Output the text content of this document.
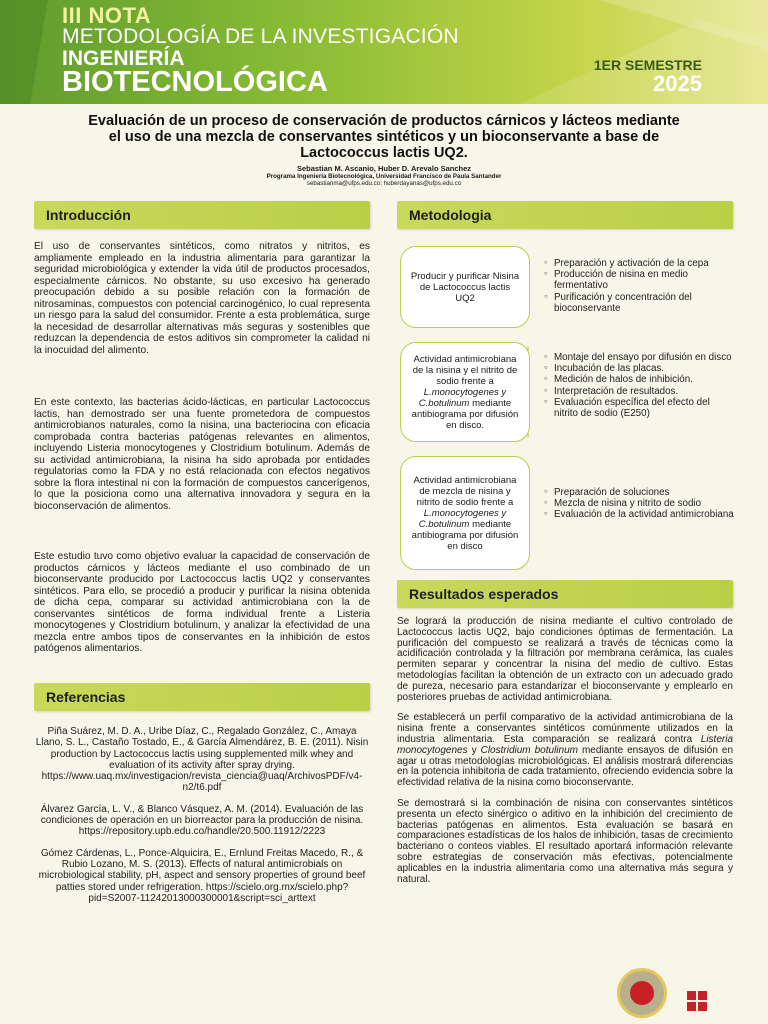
III NOTA
METODOLOGÍA DE LA INVESTIGACIÓN
INGENIERÍA
BIOTECNOLÓGICA
1ER SEMESTRE
2025
Evaluación de un proceso de conservación de productos cárnicos y lácteos mediante
el uso de una mezcla de conservantes sintéticos y un bioconservante a base de
Lactococcus lactis UQ2.
Sebastian M. Ascanio, Huber D. Arevalo Sanchez
Programa Ingeniería Biotecnológica, Universidad Francisco de Paula Santander
sebastianma@ufps.edu.co; huberdayanas@ufps.edu.co
Introducción
El uso de conservantes sintéticos, como nitratos y nitritos, es ampliamente empleado en la industria alimentaria para garantizar la seguridad microbiológica y extender la vida útil de productos procesados, especialmente cárnicos. No obstante, su uso excesivo ha generado preocupación debido a su posible relación con la formación de nitrosaminas, compuestos con potencial carcinogénico, lo cual representa un riesgo para la salud del consumidor. Frente a esta problemática, surge la necesidad de desarrollar alternativas más seguras y sostenibles que reduzcan la dependencia de estos aditivos sin comprometer la calidad ni la inocuidad del alimento.
En este contexto, las bacterias ácido-lácticas, en particular Lactococcus lactis, han demostrado ser una fuente prometedora de compuestos antimicrobianos naturales, como la nisina, una bacteriocina con eficacia comprobada contra bacterias patógenas relevantes en alimentos, incluyendo Listeria monocytogenes y Clostridium botulinum. Además de su actividad antimicrobiana, la nisina ha sido aprobada por entidades regulatorias como la FDA y no está relacionada con efectos negativos sobre la flora intestinal ni con la formación de compuestos cancerígenos, lo que la posiciona como una alternativa innovadora y segura en la bioconservación de alimentos.
Este estudio tuvo como objetivo evaluar la capacidad de conservación de productos cárnicos y lácteos mediante el uso combinado de un bioconservante producido por Lactococcus lactis UQ2 y conservantes sintéticos. Para ello, se procedió a producir y purificar la nisina obtenida de dicha cepa, comparar su actividad antimicrobiana con la de conservantes sintéticos de forma individual frente a Listeria monocytogenes y Clostridium botulinum, y analizar la efectividad de una mezcla entre ambos tipos de conservantes en la inhibición de estos patógenos alimentarios.
Referencias

Piña Suárez, M. D. A., Uribe Díaz, C., Regalado González, C., Amaya Llano, S. L., Castaño Tostado, E., & García Almendárez, B. E. (2011). Nisin production by Lactococcus lactis using supplemented milk whey and evaluation of its activity after spray drying. https://www.uaq.mx/investigacion/revista_ciencia@uaq/ArchivosPDF/v4-n2/t6.pdf

Álvarez García, L. V., & Blanco Vásquez, A. M. (2014). Evaluación de las condiciones de operación en un biorreactor para la producción de nisina. https://repository.upb.edu.co/handle/20.500.11912/2223

Gómez Cárdenas, L., Ponce-Alquicira, E., Ernlund Freitas Macedo, R., & Rubio Lozano, M. S. (2013). Effects of natural antimicrobials on microbiological stability, pH, aspect and sensory properties of ground beef patties stored under refrigeration. https://scielo.org.mx/scielo.php?pid=S2007-11242013000300001&script=sci_arttext

Metodologia
Producir y purificar Nisina de Lactococcus lactis UQ2
○ Preparación y activación de la cepa
○ Producción de nisina en medio fermentativo
○ Purificación y concentración del bioconservante
Actividad antimicrobiana de la nisina y el nitrito de sodio frente a L.monocytogenes y C.botulinum mediante antibiograma por difusión en disco.
○ Montaje del ensayo por difusión en disco
○ Incubación de las placas.
○ Medición de halos de inhibición.
○ Interpretación de resultados.
○ Evaluación específica del efecto del nitrito de sodio (E250)
Actividad antimicrobiana de mezcla de nisina y nitrito de sodio frente a L.monocytogenes y C.botulinum mediante antibiograma por difusión en disco
○ Preparación de soluciones
○ Mezcla de nisina y nitrito de sodio
○ Evaluación de la actividad antimicrobiana
Resultados esperados

Se logrará la producción de nisina mediante el cultivo controlado de Lactococcus lactis UQ2, bajo condiciones óptimas de fermentación. La purificación del compuesto se realizará a través de técnicas como la acidificación controlada y la filtración por membrana cerámica, las cuales permiten separar y concentrar la nisina del medio de cultivo. Estas metodologías facilitan la obtención de un extracto con un adecuado grado de pureza, necesario para estandarizar el bioconservante y emplearlo en posteriores pruebas de actividad antimicrobiana.

Se establecerá un perfil comparativo de la actividad antimicrobiana de la nisina frente a conservantes sintéticos comúnmente utilizados en la industria alimentaria. Esta comparación se realizará contra Listeria monocytogenes y Clostridium botulinum mediante ensayos de difusión en agar u otras metodologías microbiológicas. El análisis mostrará diferencias en la potencia inhibitoria de cada tratamiento, ofreciendo evidencia sobre la efectividad relativa de la nisina como bioconservante.

Se demostrará si la combinación de nisina con conservantes sintéticos presenta un efecto sinérgico o aditivo en la inhibición del crecimiento de bacterias patógenas en alimentos. Esta evaluación se basará en comparaciones estadísticas de los halos de inhibición, tasas de crecimiento bacteriano o conteos viables. El resultado aportará información relevante sobre estrategias de conservación más efectivas, potencialmente aplicables en la industria alimentaria como una alternativa más segura y natural.
